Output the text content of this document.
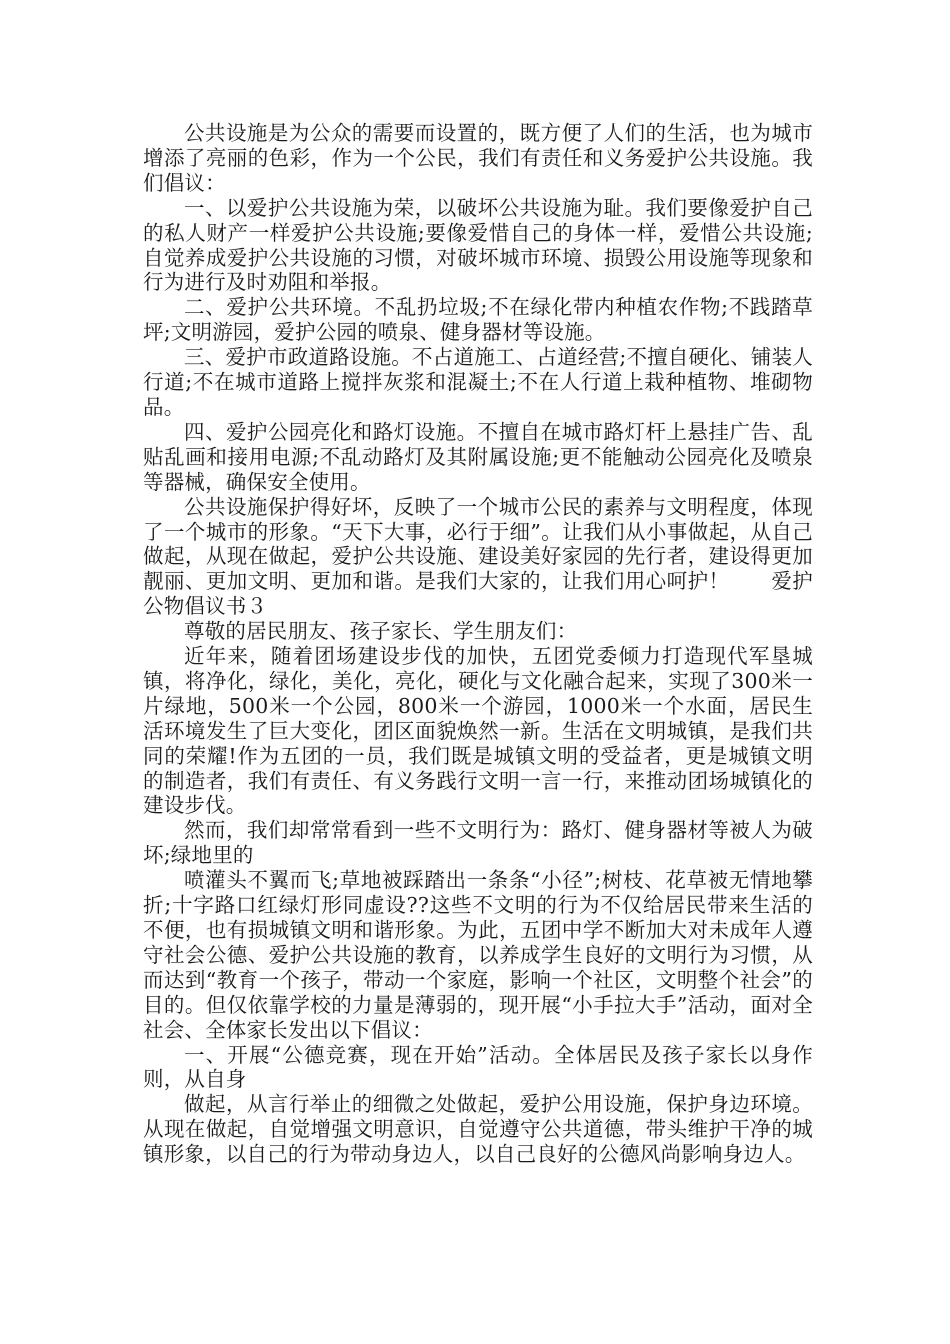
公共设施是为公众的需要而设置的，既方便了人们的生活，也为城市增添了亮丽的色彩，作为一个公民，我们有责任和义务爱护公共设施。我们倡议：

一、以爱护公共设施为荣，以破坏公共设施为耻。我们要像爱护自己的私人财产一样爱护公共设施;要像爱惜自己的身体一样，爱惜公共设施;自觉养成爱护公共设施的习惯，对破坏城市环境、损毁公用设施等现象和行为进行及时劝阻和举报。

二、爱护公共环境。不乱扔垃圾;不在绿化带内种植农作物;不践踏草坪;文明游园，爱护公园的喷泉、健身器材等设施。

三、爱护市政道路设施。不占道施工、占道经营;不擅自硬化、铺装人行道;不在城市道路上搅拌灰浆和混凝土;不在人行道上栽种植物、堆砌物品。

四、爱护公园亮化和路灯设施。不擅自在城市路灯杆上悬挂广告、乱贴乱画和接用电源;不乱动路灯及其附属设施;更不能触动公园亮化及喷泉等器械，确保安全使用。

公共设施保护得好坏，反映了一个城市公民的素养与文明程度，体现了一个城市的形象。“天下大事，必行于细”。让我们从小事做起，从自己做起，从现在做起，爱护公共设施、建设美好家园的先行者，建设得更加靓丽、更加文明、更加和谐。是我们大家的，让我们用心呵护！　　爱护公物倡议书３

尊敬的居民朋友、孩子家长、学生朋友们：

近年来，随着团场建设步伐的加快，五团党委倾力打造现代军垦城镇，将净化，绿化，美化，亮化，硬化与文化融合起来，实现了300米一片绿地，500米一个公园，800米一个游园，1000米一个水面，居民生活环境发生了巨大变化，团区面貌焕然一新。生活在文明城镇，是我们共同的荣耀!作为五团的一员，我们既是城镇文明的受益者，更是城镇文明的制造者，我们有责任、有义务践行文明一言一行，来推动团场城镇化的建设步伐。

然而，我们却常常看到一些不文明行为：路灯、健身器材等被人为破坏;绿地里的

喷灌头不翼而飞;草地被踩踏出一条条“小径”;树枝、花草被无情地攀折;十字路口红绿灯形同虚设??这些不文明的行为不仅给居民带来生活的不便，也有损城镇文明和谐形象。为此，五团中学不断加大对未成年人遵守社会公德、爱护公共设施的教育，以养成学生良好的文明行为习惯，从而达到“教育一个孩子，带动一个家庭，影响一个社区，文明整个社会”的目的。但仅依靠学校的力量是薄弱的，现开展“小手拉大手”活动，面对全社会、全体家长发出以下倡议：

一、开展“公德竞赛，现在开始”活动。全体居民及孩子家长以身作则，从自身

做起，从言行举止的细微之处做起，爱护公用设施，保护身边环境。从现在做起，自觉增强文明意识，自觉遵守公共道德，带头维护干净的城镇形象，以自己的行为带动身边人，以自己良好的公德风尚影响身边人。
